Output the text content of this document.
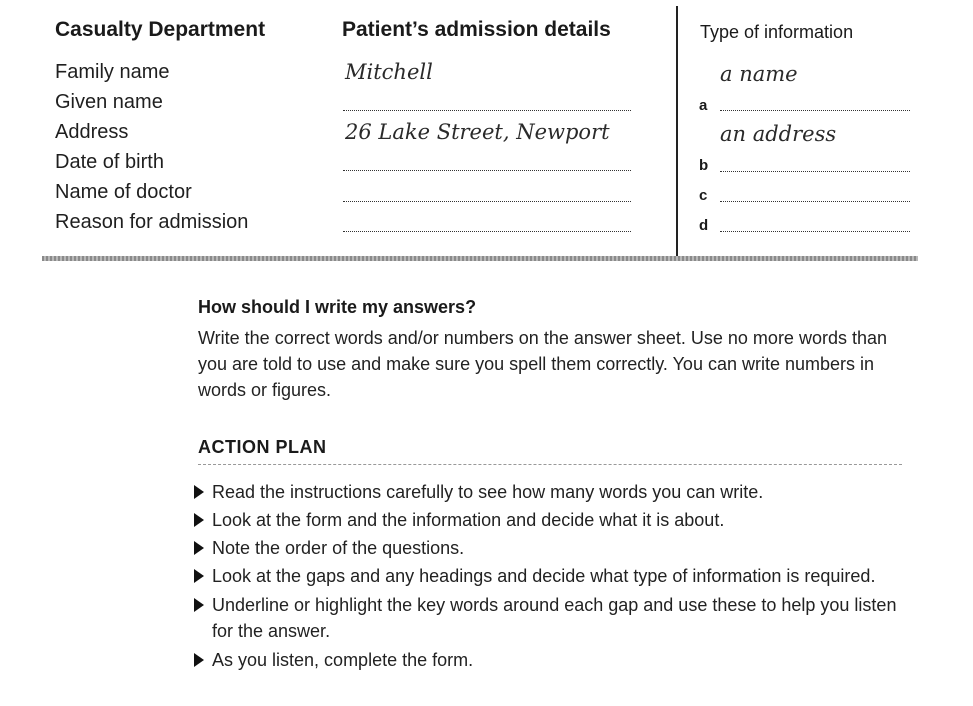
Casualty Department	Patient’s admission details	Type of information
Family name
Given name
Address
Date of birth
Name of doctor
Reason for admission
Mitchell
26 Lake Street, Newport
a name
a
an address
b
c
d
How should I write my answers?
Write the correct words and/or numbers on the answer sheet. Use no more words than you are told to use and make sure you spell them correctly. You can write numbers in words or figures.
ACTION PLAN
Read the instructions carefully to see how many words you can write.
Look at the form and the information and decide what it is about.
Note the order of the questions.
Look at the gaps and any headings and decide what type of information is required.
Underline or highlight the key words around each gap and use these to help you listen for the answer.
As you listen, complete the form.
